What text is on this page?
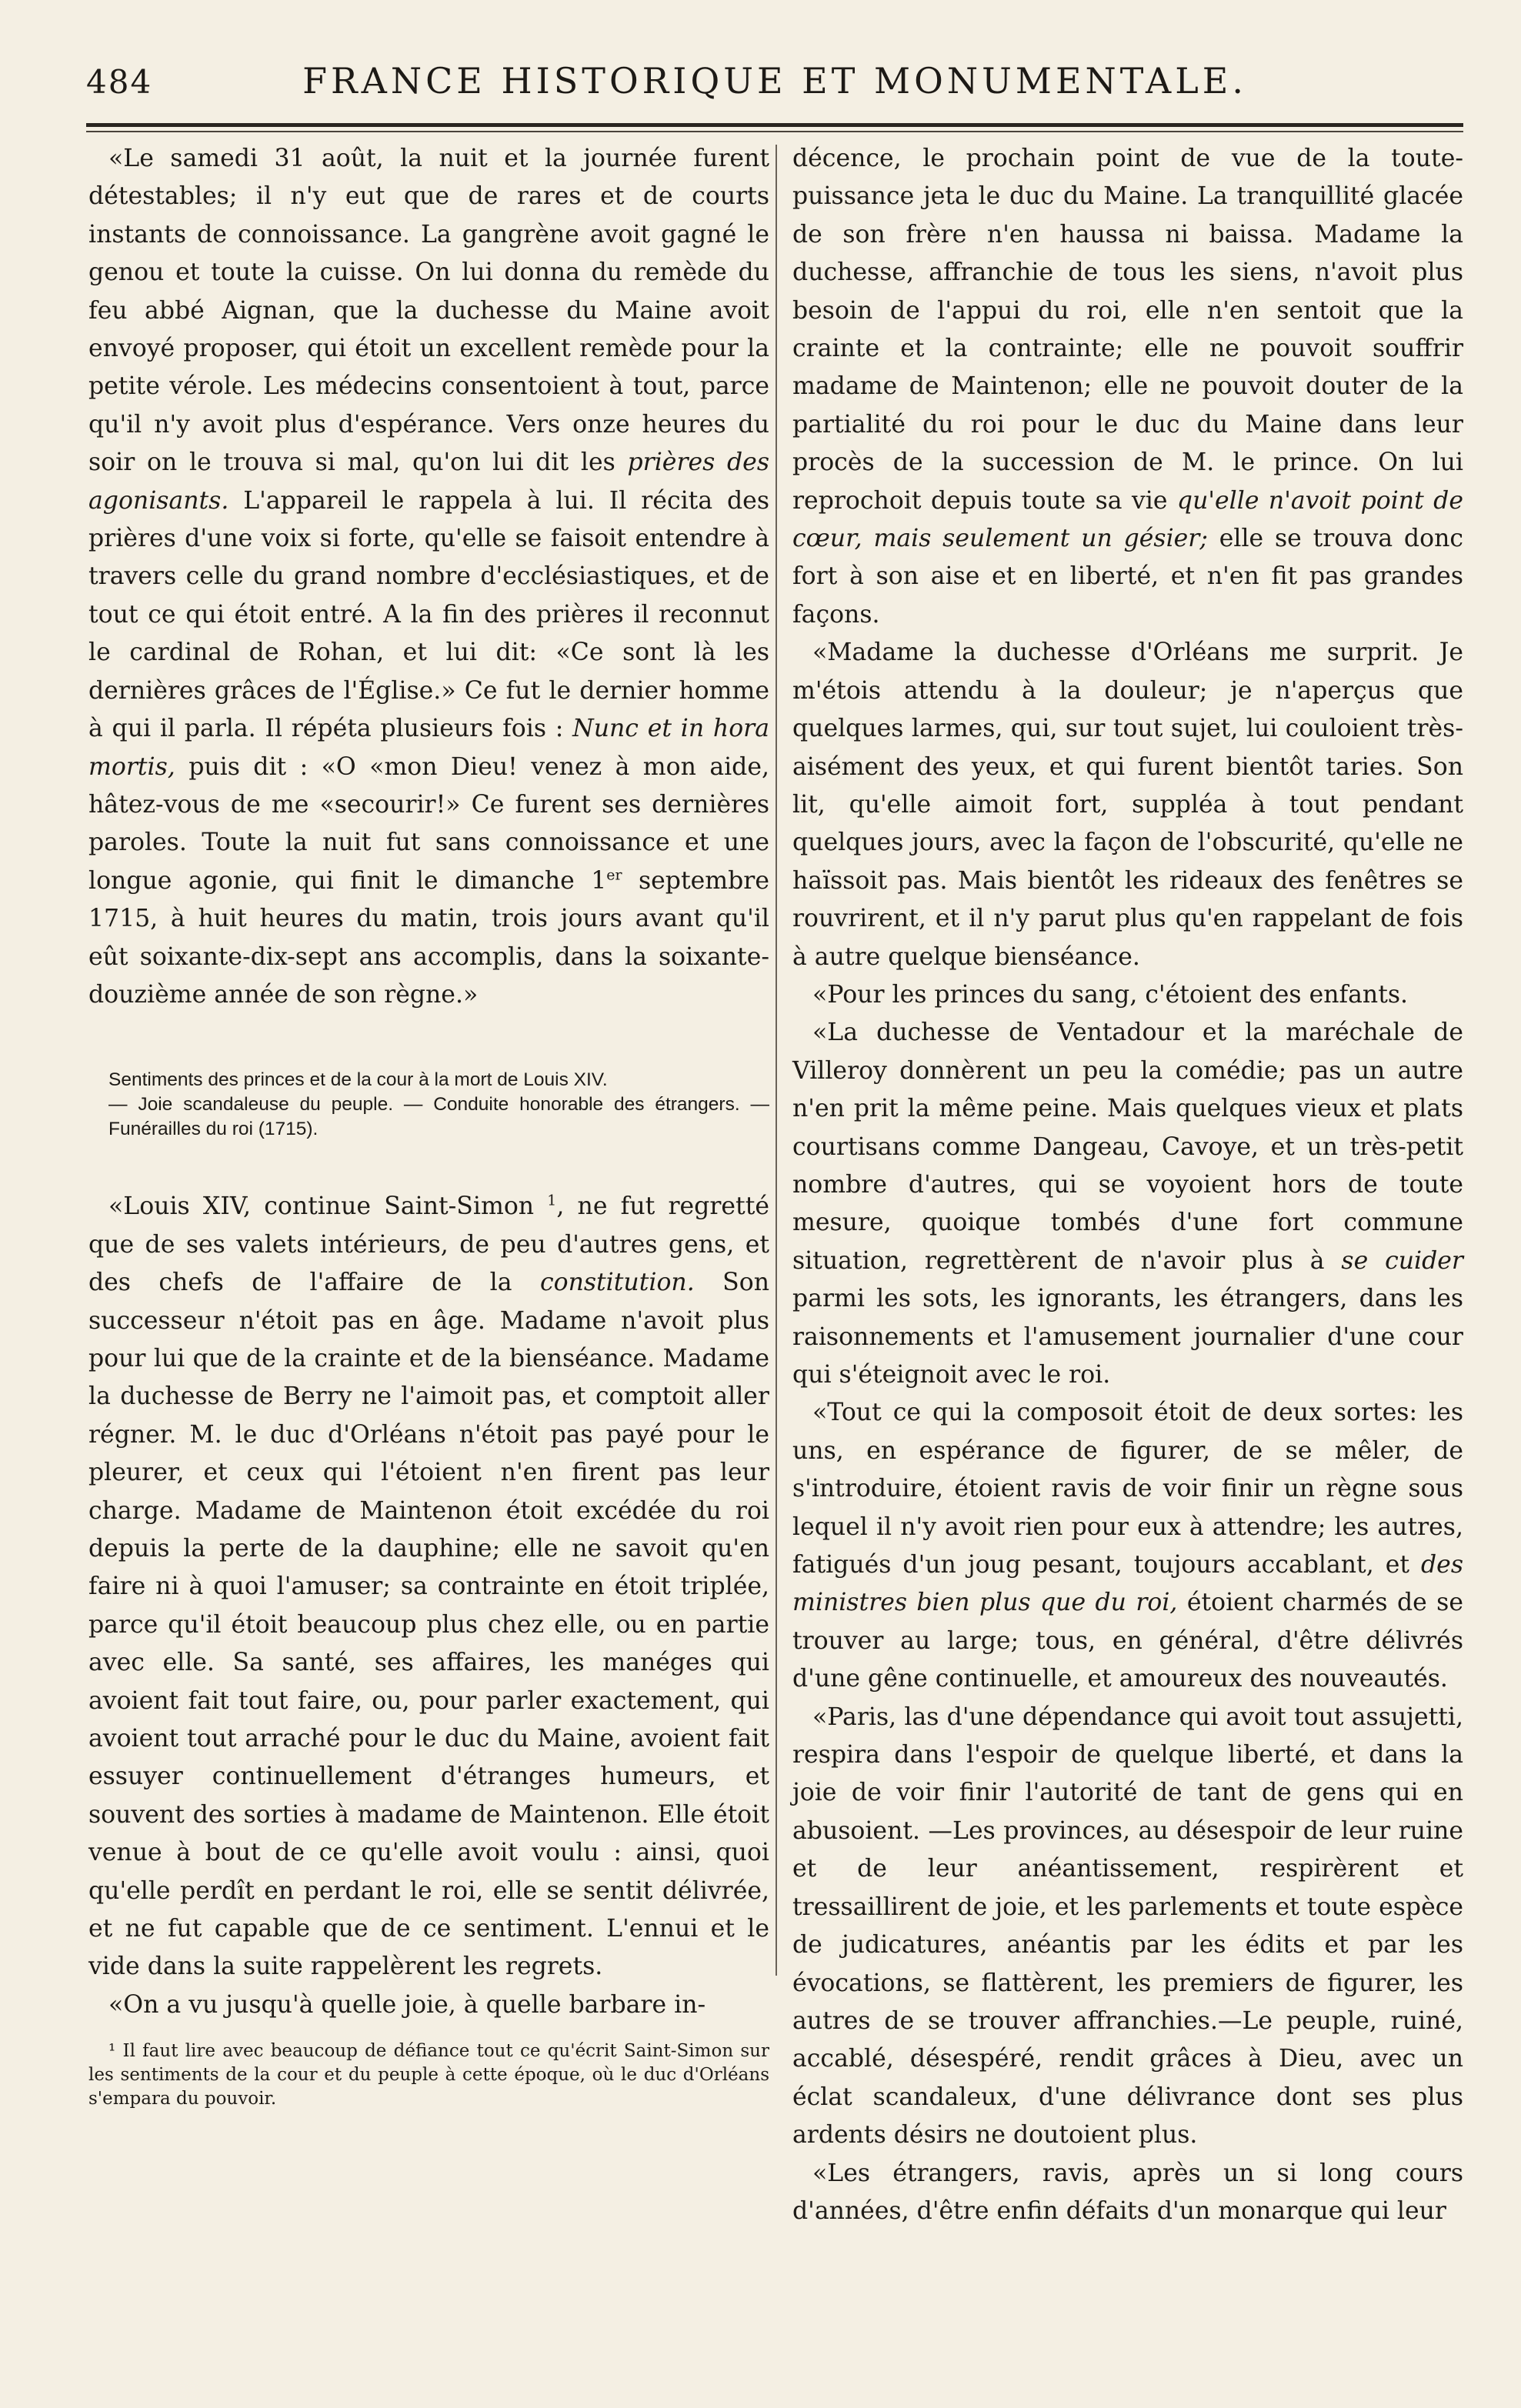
484	FRANCE HISTORIQUE ET MONUMENTALE.

«Le samedi 31 août, la nuit et la journée furent détestables; il n'y eut que de rares et de courts instants de connoissance. La gangrène avoit gagné le genou et toute la cuisse. On lui donna du remède du feu abbé Aignan, que la duchesse du Maine avoit envoyé proposer, qui étoit un excellent remède pour la petite vérole. Les médecins consentoient à tout, parce qu'il n'y avoit plus d'espérance. Vers onze heures du soir on le trouva si mal, qu'on lui dit les prières des agonisants. L'appareil le rappela à lui. Il récita des prières d'une voix si forte, qu'elle se faisoit entendre à travers celle du grand nombre d'ecclésiastiques, et de tout ce qui étoit entré. A la fin des prières il reconnut le cardinal de Rohan, et lui dit: «Ce sont là les dernières grâces de l'Église.» Ce fut le dernier homme à qui il parla. Il répéta plusieurs fois : Nunc et in hora mortis, puis dit : «O «mon Dieu! venez à mon aide, hâtez-vous de me «secourir!» Ce furent ses dernières paroles. Toute la nuit fut sans connoissance et une longue agonie, qui finit le dimanche 1er septembre 1715, à huit heures du matin, trois jours avant qu'il eût soixante-dix-sept ans accomplis, dans la soixante-douzième année de son règne.»

Sentiments des princes et de la cour à la mort de Louis XIV.
— Joie scandaleuse du peuple. — Conduite honorable des étrangers. — Funérailles du roi (1715).

«Louis XIV, continue Saint-Simon $^1$, ne fut regretté que de ses valets intérieurs, de peu d'autres gens, et des chefs de l'affaire de la constitution. Son successeur n'étoit pas en âge. Madame n'avoit plus pour lui que de la crainte et de la bienséance. Madame la duchesse de Berry ne l'aimoit pas, et comptoit aller régner. M. le duc d'Orléans n'étoit pas payé pour le pleurer, et ceux qui l'étoient n'en firent pas leur charge. Madame de Maintenon étoit excédée du roi depuis la perte de la dauphine; elle ne savoit qu'en faire ni à quoi l'amuser; sa contrainte en étoit triplée, parce qu'il étoit beaucoup plus chez elle, ou en partie avec elle. Sa santé, ses affaires, les manéges qui avoient fait tout faire, ou, pour parler exactement, qui avoient tout arraché pour le duc du Maine, avoient fait essuyer continuellement d'étranges humeurs, et souvent des sorties à madame de Maintenon. Elle étoit venue à bout de ce qu'elle avoit voulu : ainsi, quoi qu'elle perdît en perdant le roi, elle se sentit délivrée, et ne fut capable que de ce sentiment. L'ennui et le vide dans la suite rappelèrent les regrets.

«On a vu jusqu'à quelle joie, à quelle barbare in-

¹ Il faut lire avec beaucoup de défiance tout ce qu'écrit Saint-Simon sur les sentiments de la cour et du peuple à cette époque, où le duc d'Orléans s'empara du pouvoir.

décence, le prochain point de vue de la toute-puissance jeta le duc du Maine. La tranquillité glacée de son frère n'en haussa ni baissa. Madame la duchesse, affranchie de tous les siens, n'avoit plus besoin de l'appui du roi, elle n'en sentoit que la crainte et la contrainte; elle ne pouvoit souffrir madame de Maintenon; elle ne pouvoit douter de la partialité du roi pour le duc du Maine dans leur procès de la succession de M. le prince. On lui reprochoit depuis toute sa vie qu'elle n'avoit point de cœur, mais seulement un gésier; elle se trouva donc fort à son aise et en liberté, et n'en fit pas grandes façons.

«Madame la duchesse d'Orléans me surprit. Je m'étois attendu à la douleur; je n'aperçus que quelques larmes, qui, sur tout sujet, lui couloient très-aisément des yeux, et qui furent bientôt taries. Son lit, qu'elle aimoit fort, suppléa à tout pendant quelques jours, avec la façon de l'obscurité, qu'elle ne haïssoit pas. Mais bientôt les rideaux des fenêtres se rouvrirent, et il n'y parut plus qu'en rappelant de fois à autre quelque bienséance.

«Pour les princes du sang, c'étoient des enfants.

«La duchesse de Ventadour et la maréchale de Villeroy donnèrent un peu la comédie; pas un autre n'en prit la même peine. Mais quelques vieux et plats courtisans comme Dangeau, Cavoye, et un très-petit nombre d'autres, qui se voyoient hors de toute mesure, quoique tombés d'une fort commune situation, regrettèrent de n'avoir plus à se cuider parmi les sots, les ignorants, les étrangers, dans les raisonnements et l'amusement journalier d'une cour qui s'éteignoit avec le roi.

«Tout ce qui la composoit étoit de deux sortes: les uns, en espérance de figurer, de se mêler, de s'introduire, étoient ravis de voir finir un règne sous lequel il n'y avoit rien pour eux à attendre; les autres, fatigués d'un joug pesant, toujours accablant, et des ministres bien plus que du roi, étoient charmés de se trouver au large; tous, en général, d'être délivrés d'une gêne continuelle, et amoureux des nouveautés.

«Paris, las d'une dépendance qui avoit tout assujetti, respira dans l'espoir de quelque liberté, et dans la joie de voir finir l'autorité de tant de gens qui en abusoient. —Les provinces, au désespoir de leur ruine et de leur anéantissement, respirèrent et tressaillirent de joie, et les parlements et toute espèce de judicatures, anéantis par les édits et par les évocations, se flattèrent, les premiers de figurer, les autres de se trouver affranchies.—Le peuple, ruiné, accablé, désespéré, rendit grâces à Dieu, avec un éclat scandaleux, d'une délivrance dont ses plus ardents désirs ne doutoient plus.

«Les étrangers, ravis, après un si long cours d'années, d'être enfin défaits d'un monarque qui leur
